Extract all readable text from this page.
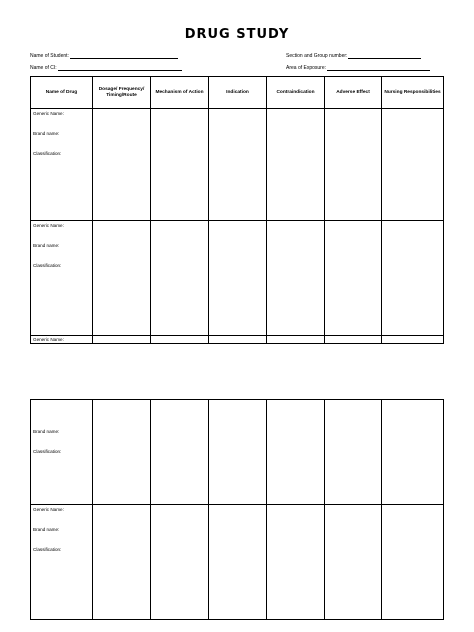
DRUG STUDY
Name of Student:	Section and Group number:
Name of CI:	Area of Exposure:
Name of Drug	Dosage/ Frequency/ Timing/Route	Mechanism of Action	Indication	Contraindication	Adverse Effect	Nursing Responsibilities

Generic Name:
Brand name:
Classification:						

Generic Name:
Brand name:
Classification:						

Generic Name:						

Brand name:
Classification:						

Generic Name:
Brand name:
Classification:						
